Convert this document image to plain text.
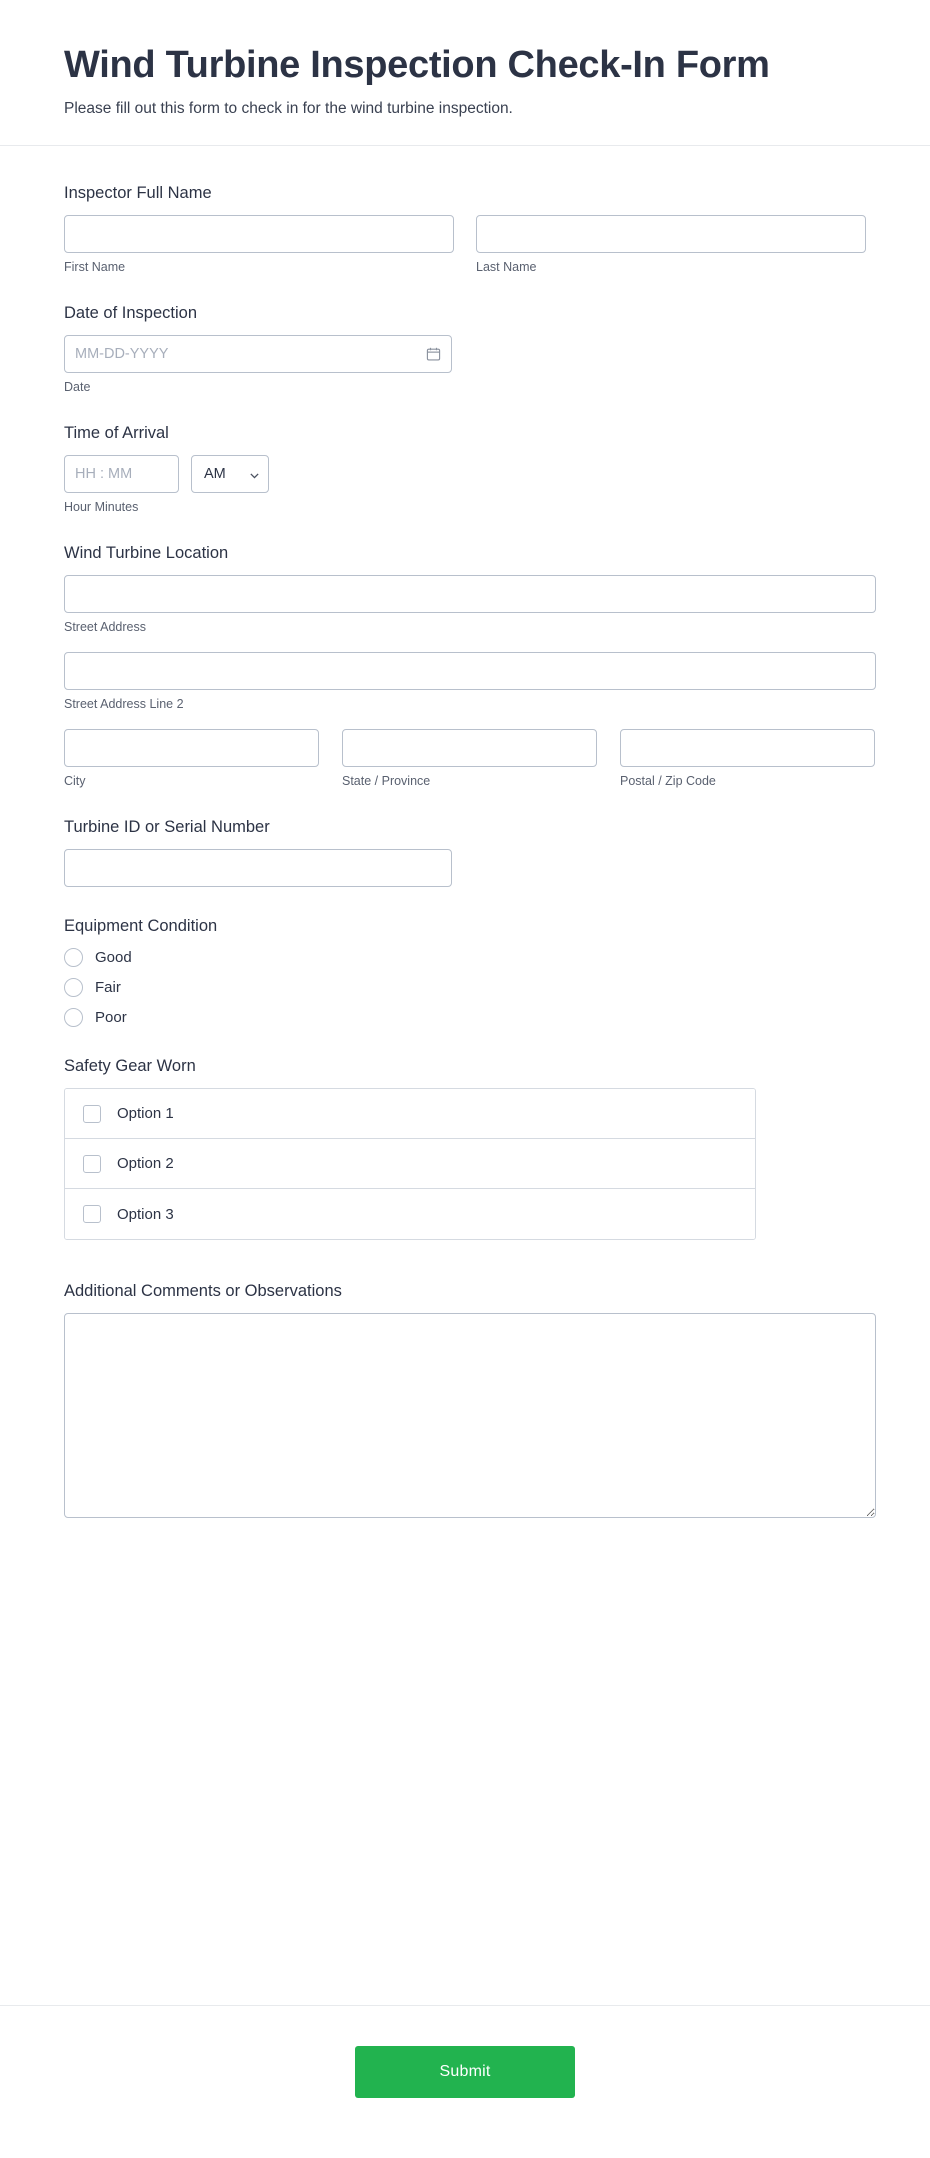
Wind Turbine Inspection Check-In Form

Please fill out this form to check in for the wind turbine inspection.

Inspector Full Name
First Name	Last Name
Date of Inspection
MM-DD-YYYY
Date
Time of Arrival
HH : MM
AM
Hour Minutes
Wind Turbine Location
Street Address
Street Address Line 2
City	State / Province	Postal / Zip Code
Turbine ID or Serial Number
Equipment Condition
Good
Fair
Poor
Safety Gear Worn
Option 1
Option 2
Option 3
Additional Comments or Observations
Submit
